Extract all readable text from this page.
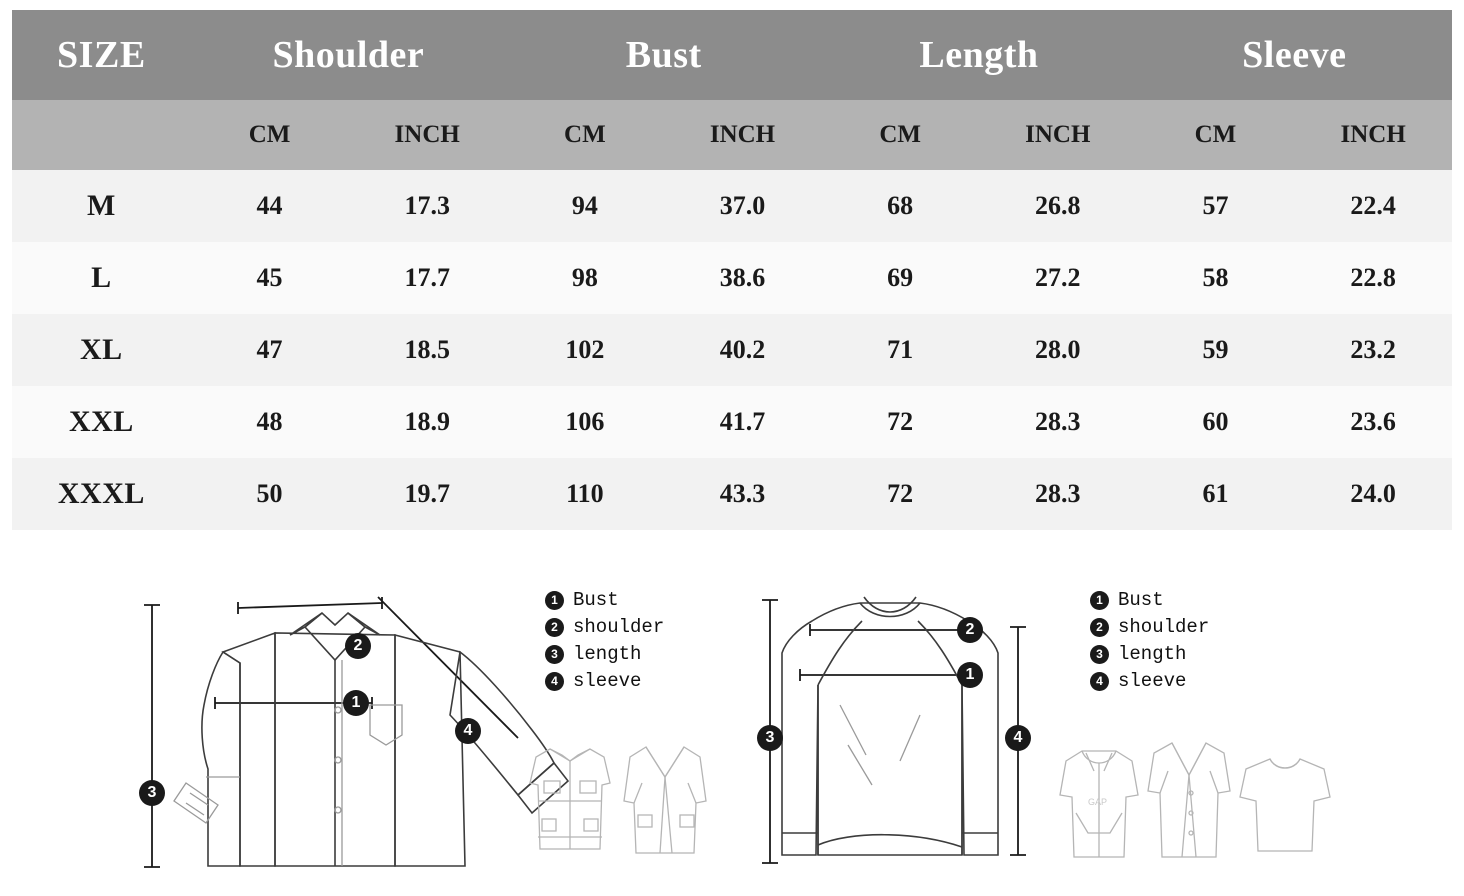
SIZE	Shoulder		Bust		Length		Sleeve	
	CM	INCH	CM	INCH	CM	INCH	CM	INCH
M	44	17.3	94	37.0	68	26.8	57	22.4
L	45	17.7	98	38.6	69	27.2	58	22.8
XL	47	18.5	102	40.2	71	28.0	59	23.2
XXL	48	18.9	106	41.7	72	28.3	60	23.6
XXXL	50	19.7	110	43.3	72	28.3	61	24.0
2
4
1
3
1 Bust
2 shoulder
3 length
4 sleeve
GAP
2
1
3	4
1 Bust
2 shoulder
3 length
4 sleeve
